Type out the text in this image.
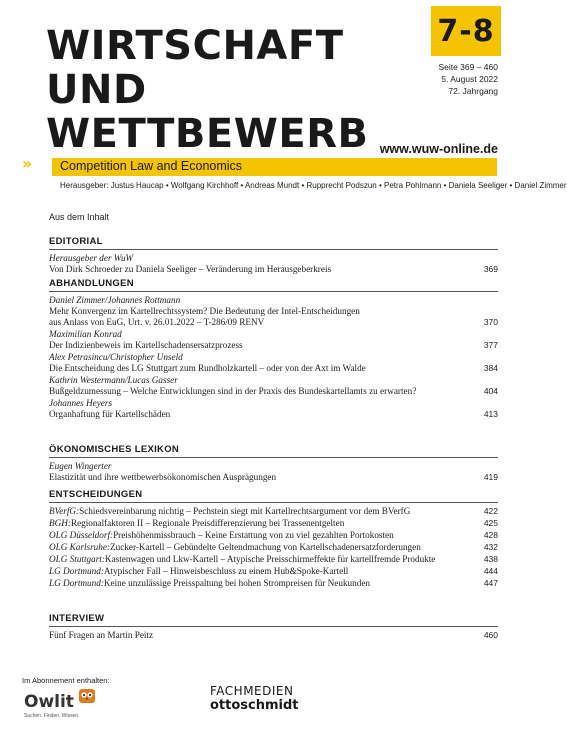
WIRTSCHAFT
UND
WETTBEWERB
7-8
Seite 369 – 460
5. August 2022
72. Jahrgang
www.wuw-online.de
›› Competition Law and Economics
Herausgeber: Justus Haucap • Wolfgang Kirchhoff • Andreas Mundt • Rupprecht Podszun • Petra Pohlmann • Daniela Seeliger • Daniel Zimmer
Aus dem Inhalt
EDITORIAL
Herausgeber der WuW
Von Dirk Schroeder zu Daniela Seeliger – Veränderung im Herausgeberkreis	369
ABHANDLUNGEN
Daniel Zimmer/Johannes Rottmann
Mehr Konvergenz im Kartellrechtssystem? Die Bedeutung der Intel-Entscheidungen
aus Anlass von EuG, Urt. v. 26.01.2022 – T-286/09 RENV	370
Maximilian Konrad
Der Indizienbeweis im Kartellschadensersatzprozess	377
Alex Petrasincu/Christopher Unseld
Die Entscheidung des LG Stuttgart zum Rundholzkartell – oder von der Axt im Walde	384
Kathrin Westermann/Lucas Gasser
Bußgeldzumessung – Welche Entwicklungen sind in der Praxis des Bundeskartellamts zu erwarten?	404
Johannes Heyers
Organhaftung für Kartellschäden	413
ÖKONOMISCHES LEXIKON
Eugen Wingerter
Elastizität und ihre wettbewerbsökonomischen Ausprägungen	419
ENTSCHEIDUNGEN
BVerfG:Schiedsvereinbarung nichtig – Pechstein siegt mit Kartellrechtsargument vor dem BVerfG	422
BGH:Regionalfaktoren II – Regionale Preisdifferenzierung bei Trassenentgelten	425
OLG Düsseldorf:Preishöhenmissbrauch – Keine Erstattung von zu viel gezahlten Portokosten	428
OLG Karlsruhe:Zucker-Kartell – Gebündelte Geltendmachung von Kartellschadenersatzforderungen	432
OLG Stuttgart:Kastenwagen und Lkw-Kartell – Atypische Preisschirmeffekte für kartellfremde Produkte	438
LG Dortmund:Atypischer Fall – Hinweisbeschluss zu einem Hub&Spoke-Kartell	444
LG Dortmund:Keine unzulässige Preisspaltung bei hohen Strompreisen für Neukunden	447
INTERVIEW
Fünf Fragen an Martin Peitz	460
Im Abonnement enthalten:
Owlit
Suchen. Finden. Wissen.
FACHMEDIEN
ottoschmidt
